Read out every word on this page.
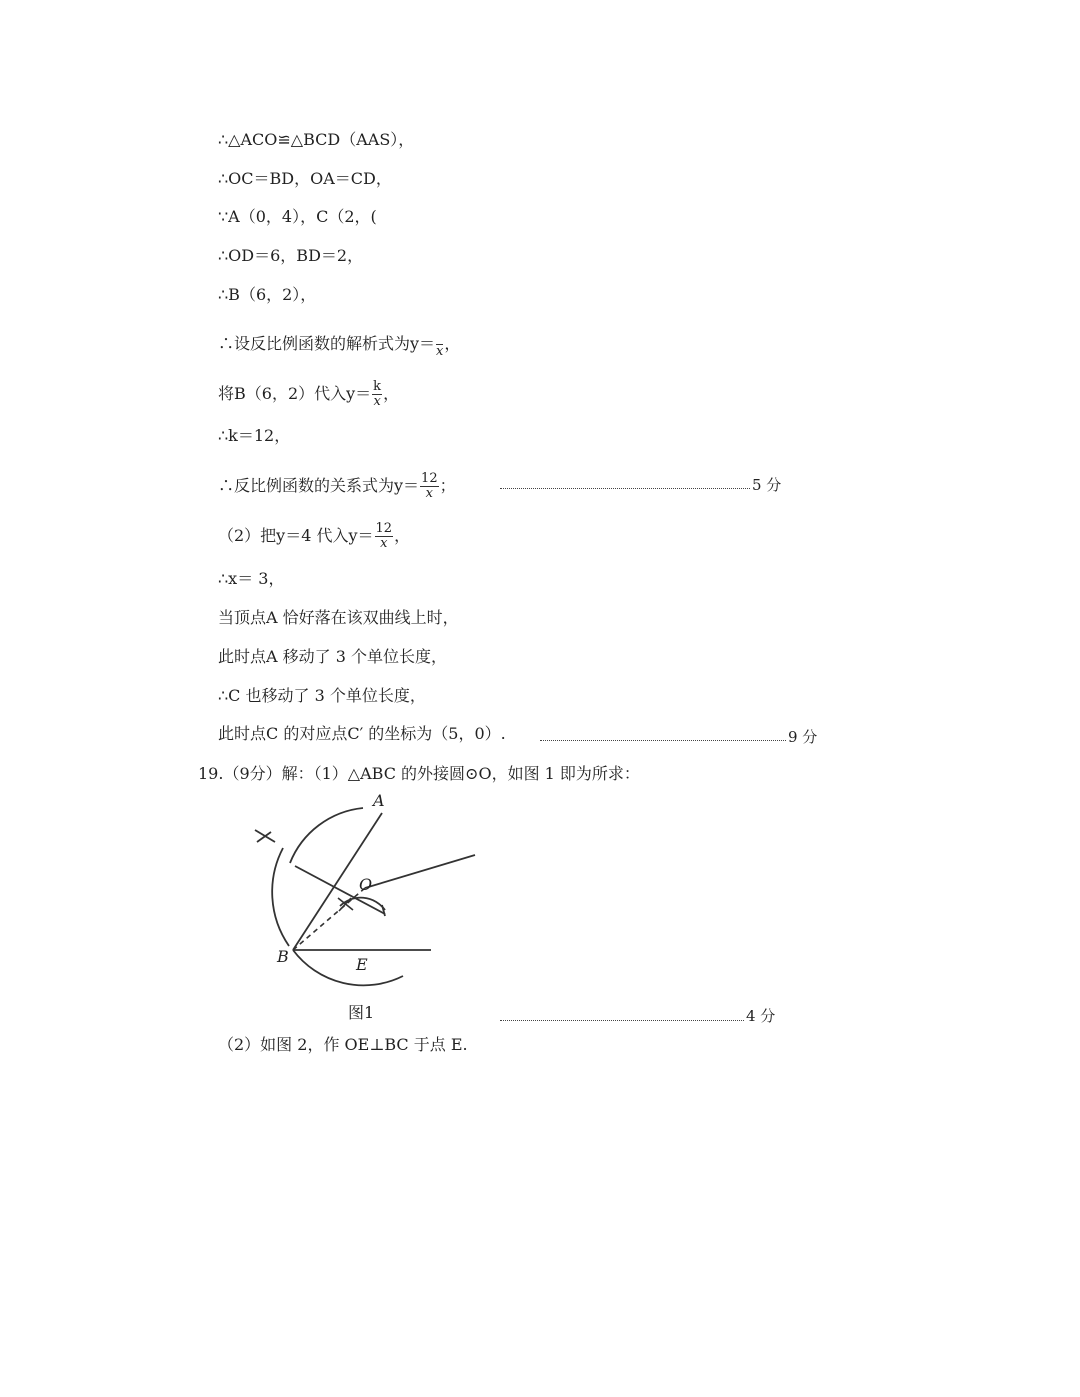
∴△ACO≌△BCD（AAS），
∴OC＝BD，OA＝CD，
∵A（0，4），C（2，(
∴OD＝6，BD＝2，
∴B（6，2），
∴设反比例函数的解析式为y＝ x ，
将B（6，2）代入$y= \frac{k}{x}$ ，
∴k＝12，
∴反比例函数的关系式为$y= \frac{12}{x}$ ；	5 分
（2）把y＝4 代入$y= \frac{12}{x}$ ，
∴x＝ 3，
当顶点A 恰好落在该双曲线上时，
此时点A 移动了 3 个单位长度，
∴C 也移动了 3 个单位长度，
此时点C 的对应点C′ 的坐标为（5，0）.	9 分
19.（9分）解：（1）△ABC 的外接圆⊙O，如图 1 即为所求：
A
O
B	E
图1	4 分
（2）如图 2，作 OE⊥BC 于点 E.
